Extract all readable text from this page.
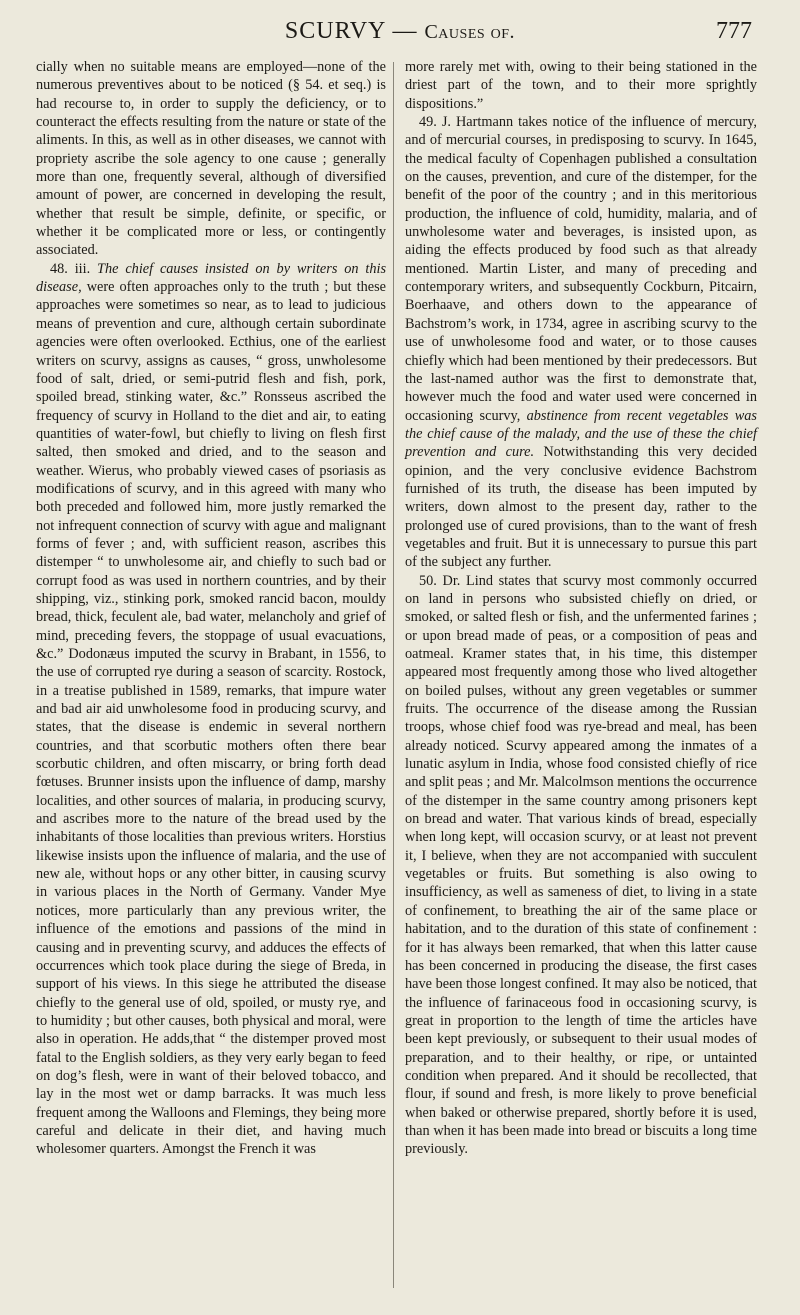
SCURVY — Causes of.	777

cially when no suitable means are employed—none of the numerous preventives about to be noticed (§ 54. et seq.) is had recourse to, in order to supply the deficiency, or to counteract the effects resulting from the nature or state of the aliments. In this, as well as in other diseases, we cannot with propriety ascribe the sole agency to one cause ; generally more than one, frequently several, although of diversified amount of power, are concerned in developing the result, whether that result be simple, definite, or specific, or whether it be complicated more or less, or contingently associated.

48. iii. The chief causes insisted on by writers on this disease, were often approaches only to the truth ; but these approaches were sometimes so near, as to lead to judicious means of prevention and cure, although certain subordinate agencies were often overlooked. Ecthius, one of the earliest writers on scurvy, assigns as causes, “ gross, unwholesome food of salt, dried, or semi-putrid flesh and fish, pork, spoiled bread, stinking water, &c.” Ronsseus ascribed the frequency of scurvy in Holland to the diet and air, to eating quantities of water-fowl, but chiefly to living on flesh first salted, then smoked and dried, and to the season and weather. Wierus, who probably viewed cases of psoriasis as modifications of scurvy, and in this agreed with many who both preceded and followed him, more justly remarked the not infrequent connection of scurvy with ague and malignant forms of fever ; and, with sufficient reason, ascribes this distemper “ to unwholesome air, and chiefly to such bad or corrupt food as was used in northern countries, and by their shipping, viz., stinking pork, smoked rancid bacon, mouldy bread, thick, feculent ale, bad water, melancholy and grief of mind, preceding fevers, the stoppage of usual evacuations, &c.” Dodonæus imputed the scurvy in Brabant, in 1556, to the use of corrupted rye during a season of scarcity. Rostock, in a treatise published in 1589, remarks, that impure water and bad air aid unwholesome food in producing scurvy, and states, that the disease is endemic in several northern countries, and that scorbutic mothers often there bear scorbutic children, and often miscarry, or bring forth dead fœtuses. Brunner insists upon the influence of damp, marshy localities, and other sources of malaria, in producing scurvy, and ascribes more to the nature of the bread used by the inhabitants of those localities than previous writers. Horstius likewise insists upon the influence of malaria, and the use of new ale, without hops or any other bitter, in causing scurvy in various places in the North of Germany. Vander Mye notices, more particularly than any previous writer, the influence of the emotions and passions of the mind in causing and in preventing scurvy, and adduces the effects of occurrences which took place during the siege of Breda, in support of his views. In this siege he attributed the disease chiefly to the general use of old, spoiled, or musty rye, and to humidity ; but other causes, both physical and moral, were also in operation. He adds,that “ the distemper proved most fatal to the English soldiers, as they very early began to feed on dog’s flesh, were in want of their beloved tobacco, and lay in the most wet or damp barracks. It was much less frequent among the Walloons and Flemings, they being more careful and delicate in their diet, and having much wholesomer quarters. Amongst the French it was

more rarely met with, owing to their being stationed in the driest part of the town, and to their more sprightly dispositions.”

49. J. Hartmann takes notice of the influence of mercury, and of mercurial courses, in predisposing to scurvy. In 1645, the medical faculty of Copenhagen published a consultation on the causes, prevention, and cure of the distemper, for the benefit of the poor of the country ; and in this meritorious production, the influence of cold, humidity, malaria, and of unwholesome water and beverages, is insisted upon, as aiding the effects produced by food such as that already mentioned. Martin Lister, and many of preceding and contemporary writers, and subsequently Cockburn, Pitcairn, Boerhaave, and others down to the appearance of Bachstrom’s work, in 1734, agree in ascribing scurvy to the use of unwholesome food and water, or to those causes chiefly which had been mentioned by their predecessors. But the last-named author was the first to demonstrate that, however much the food and water used were concerned in occasioning scurvy, abstinence from recent vegetables was the chief cause of the malady, and the use of these the chief prevention and cure. Notwithstanding this very decided opinion, and the very conclusive evidence Bachstrom furnished of its truth, the disease has been imputed by writers, down almost to the present day, rather to the prolonged use of cured provisions, than to the want of fresh vegetables and fruit. But it is unnecessary to pursue this part of the subject any further.

50. Dr. Lind states that scurvy most commonly occurred on land in persons who subsisted chiefly on dried, or smoked, or salted flesh or fish, and the unfermented farines ; or upon bread made of peas, or a composition of peas and oatmeal. Kramer states that, in his time, this distemper appeared most frequently among those who lived altogether on boiled pulses, without any green vegetables or summer fruits. The occurrence of the disease among the Russian troops, whose chief food was rye-bread and meal, has been already noticed. Scurvy appeared among the inmates of a lunatic asylum in India, whose food consisted chiefly of rice and split peas ; and Mr. Malcolmson mentions the occurrence of the distemper in the same country among prisoners kept on bread and water. That various kinds of bread, especially when long kept, will occasion scurvy, or at least not prevent it, I believe, when they are not accompanied with succulent vegetables or fruits. But something is also owing to insufficiency, as well as sameness of diet, to living in a state of confinement, to breathing the air of the same place or habitation, and to the duration of this state of confinement : for it has always been remarked, that when this latter cause has been concerned in producing the disease, the first cases have been those longest confined. It may also be noticed, that the influence of farinaceous food in occasioning scurvy, is great in proportion to the length of time the articles have been kept previously, or subsequent to their usual modes of preparation, and to their healthy, or ripe, or untainted condition when prepared. And it should be recollected, that flour, if sound and fresh, is more likely to prove beneficial when baked or otherwise prepared, shortly before it is used, than when it has been made into bread or biscuits a long time previously.
